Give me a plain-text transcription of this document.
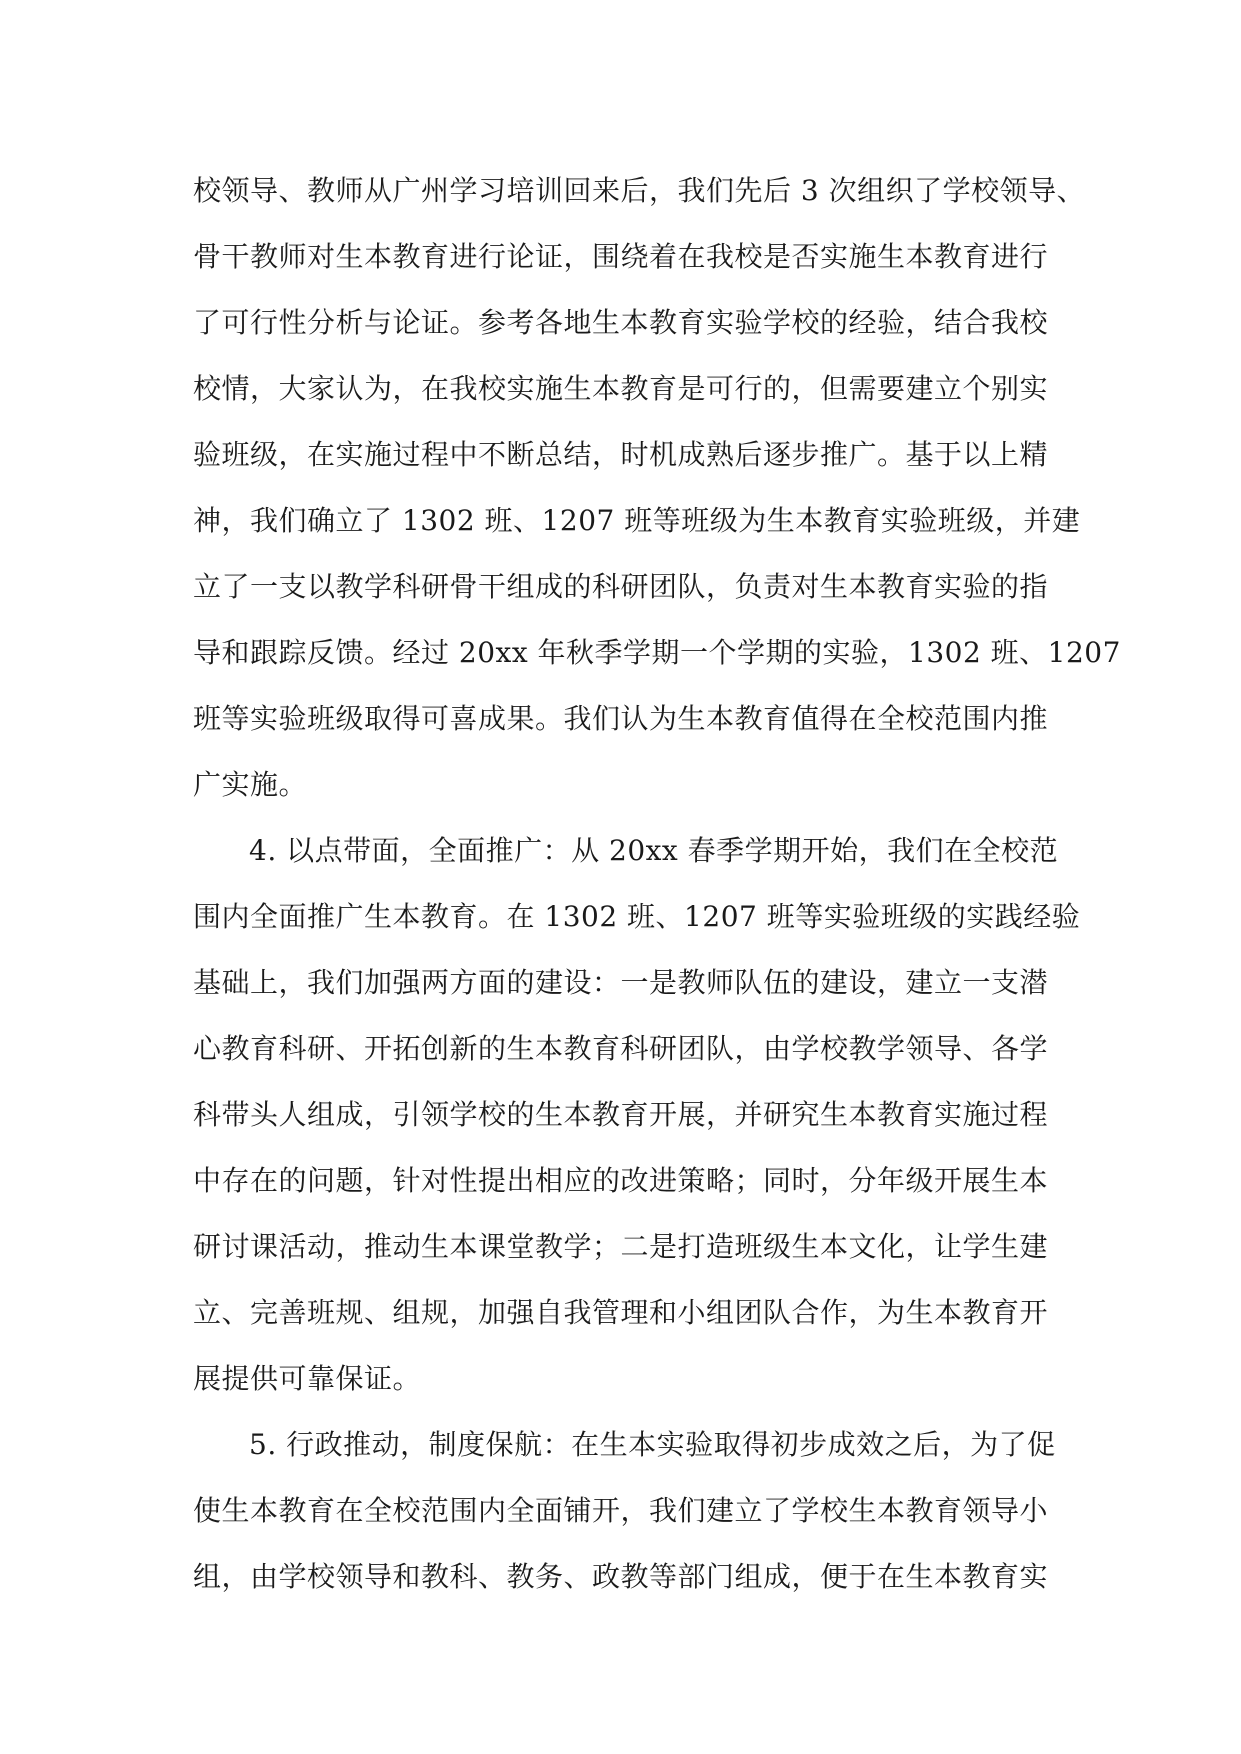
校领导、教师从广州学习培训回来后，我们先后 3 次组织了学校领导、
骨干教师对生本教育进行论证，围绕着在我校是否实施生本教育进行
了可行性分析与论证。参考各地生本教育实验学校的经验，结合我校
校情，大家认为，在我校实施生本教育是可行的，但需要建立个别实
验班级，在实施过程中不断总结，时机成熟后逐步推广。基于以上精
神，我们确立了 1302 班、1207 班等班级为生本教育实验班级，并建
立了一支以教学科研骨干组成的科研团队，负责对生本教育实验的指
导和跟踪反馈。经过 20xx 年秋季学期一个学期的实验，1302 班、1207
班等实验班级取得可喜成果。我们认为生本教育值得在全校范围内推
广实施。
4. 以点带面，全面推广：从 20xx 春季学期开始，我们在全校范
围内全面推广生本教育。在 1302 班、1207 班等实验班级的实践经验
基础上，我们加强两方面的建设：一是教师队伍的建设，建立一支潜
心教育科研、开拓创新的生本教育科研团队，由学校教学领导、各学
科带头人组成，引领学校的生本教育开展，并研究生本教育实施过程
中存在的问题，针对性提出相应的改进策略；同时，分年级开展生本
研讨课活动，推动生本课堂教学；二是打造班级生本文化，让学生建
立、完善班规、组规，加强自我管理和小组团队合作，为生本教育开
展提供可靠保证。
5. 行政推动，制度保航：在生本实验取得初步成效之后，为了促
使生本教育在全校范围内全面铺开，我们建立了学校生本教育领导小
组，由学校领导和教科、教务、政教等部门组成，便于在生本教育实
